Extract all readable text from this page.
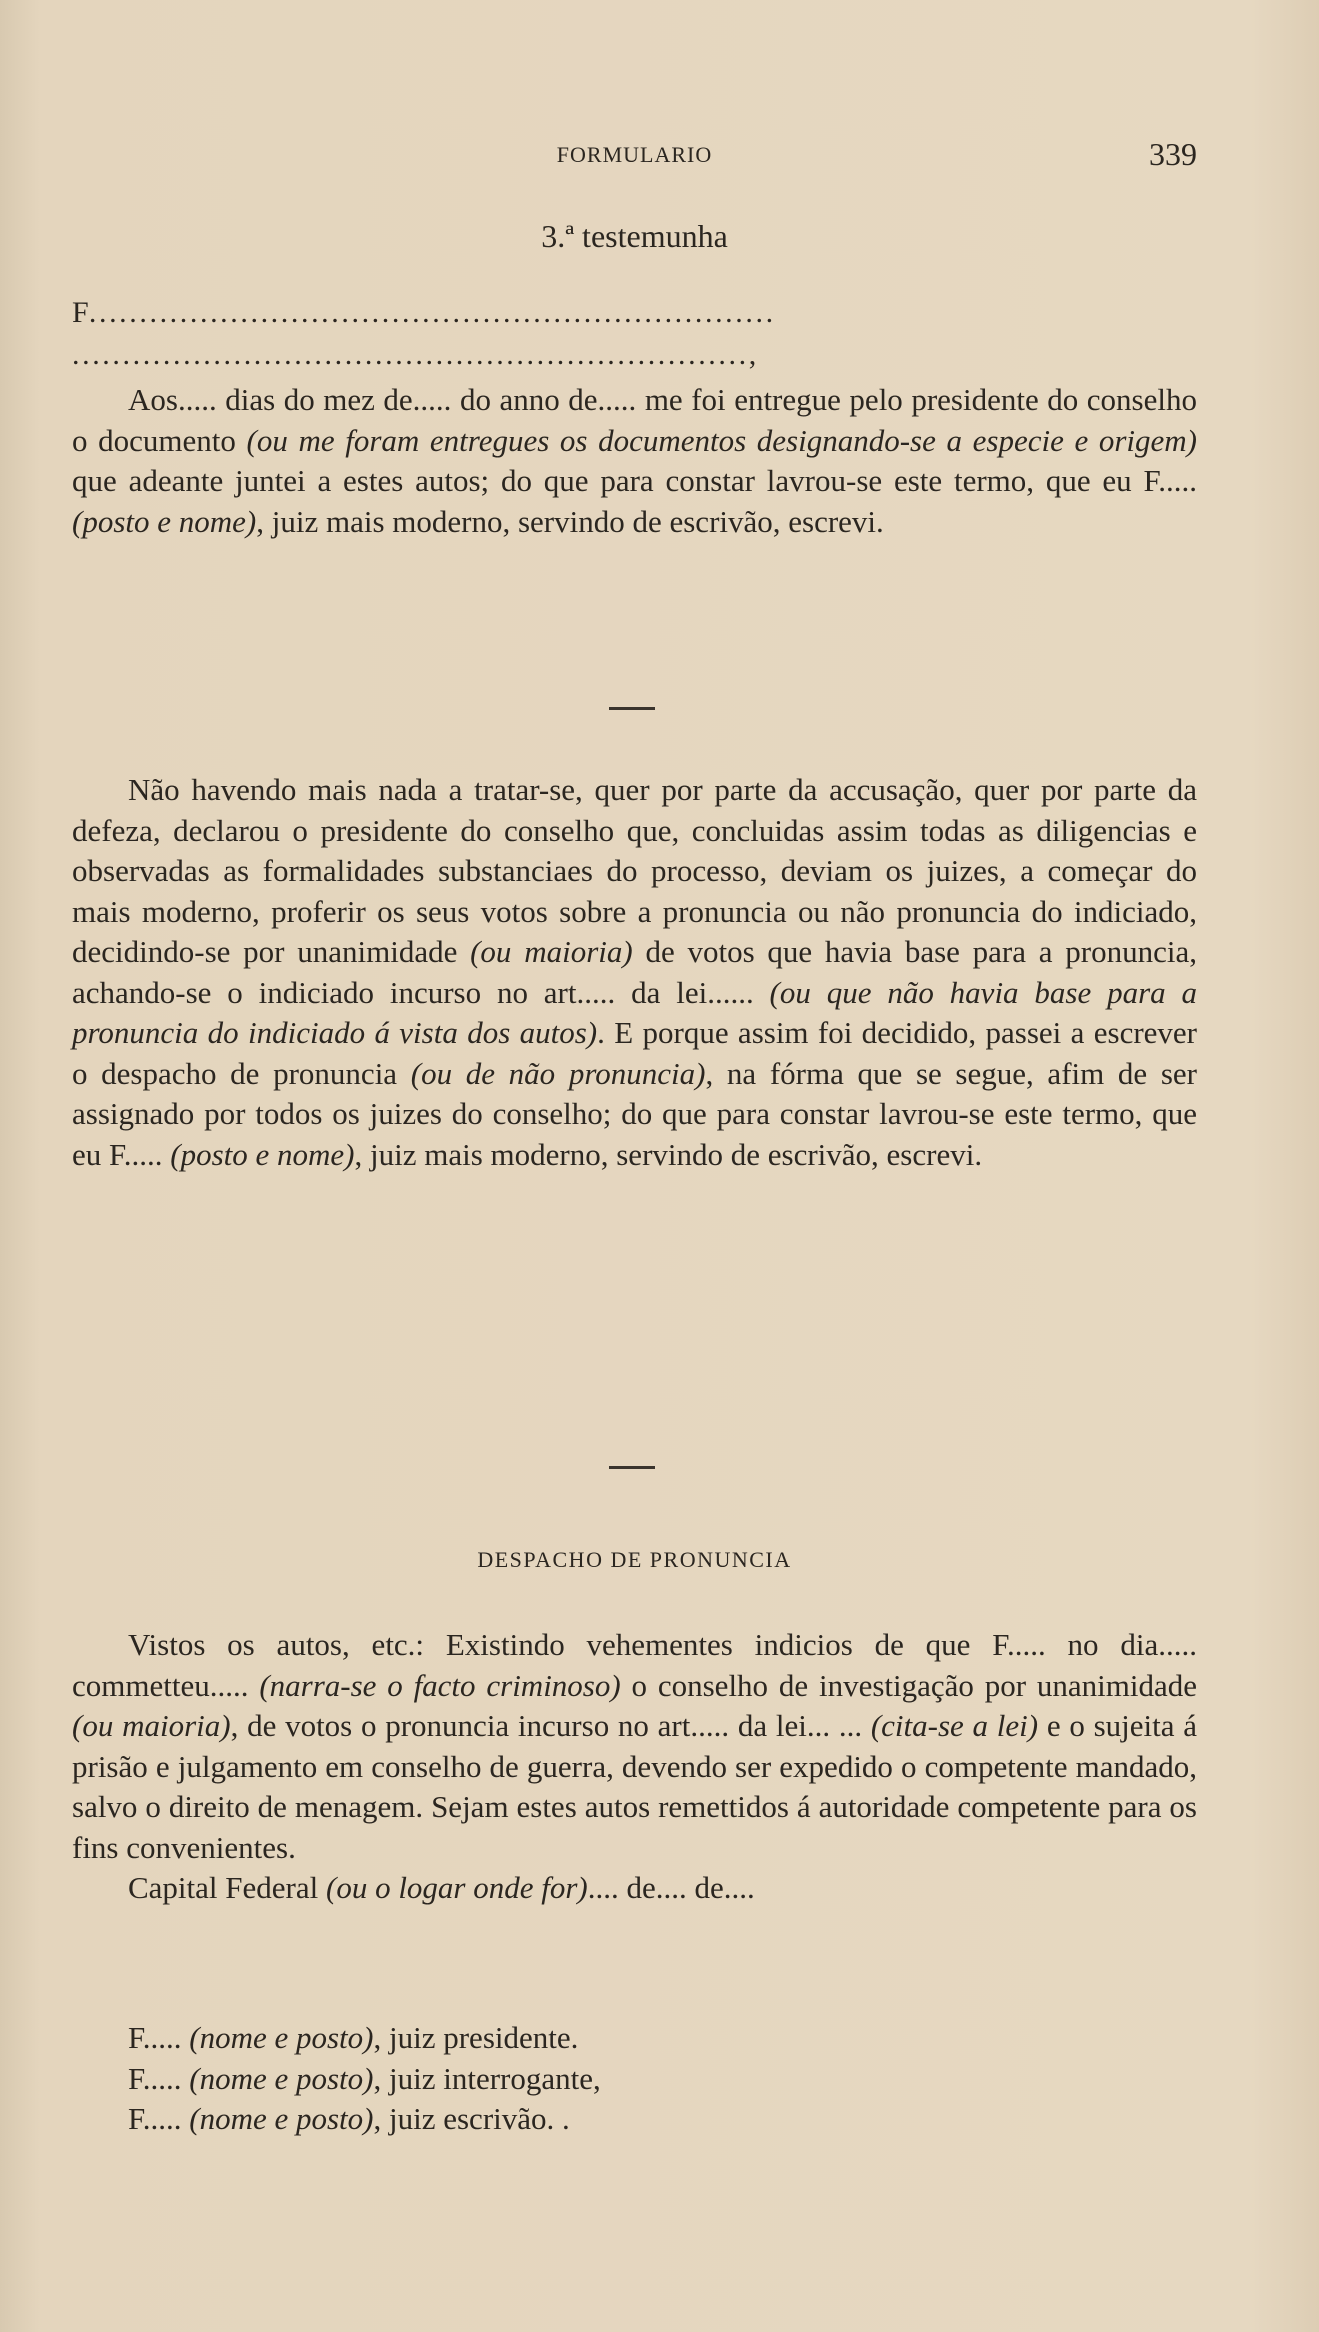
FORMULARIO	339
3.ª testemunha
F....................................................................
...................................................................,

Aos..... dias do mez de..... do anno de..... me foi entregue pelo presidente do conselho o documento (ou me foram entregues os documentos designando-se a especie e origem) que adeante juntei a estes autos; do que para constar lavrou-se este termo, que eu F..... (posto e nome), juiz mais moderno, servindo de escrivão, escrevi.

Não havendo mais nada a tratar-se, quer por parte da accusação, quer por parte da defeza, declarou o presidente do conselho que, concluidas assim todas as diligencias e observadas as formalidades substanciaes do processo, deviam os juizes, a começar do mais moderno, proferir os seus votos sobre a pronuncia ou não pronuncia do indiciado, decidindo-se por unanimidade (ou maioria) de votos que havia base para a pronuncia, achando-se o indiciado incurso no art..... da lei...... (ou que não havia base para a pronuncia do indiciado á vista dos autos). E porque assim foi decidido, passei a escrever o despacho de pronuncia (ou de não pronuncia), na fórma que se segue, afim de ser assignado por todos os juizes do conselho; do que para constar lavrou-se este termo, que eu F..... (posto e nome), juiz mais moderno, servindo de escrivão, escrevi.

DESPACHO DE PRONUNCIA

Vistos os autos, etc.: Existindo vehementes indicios de que F..... no dia..... commetteu..... (narra-se o facto criminoso) o conselho de investigação por unanimidade (ou maioria), de votos o pronuncia incurso no art..... da lei... ... (cita-se a lei) e o sujeita á prisão e julgamento em conselho de guerra, devendo ser expedido o competente mandado, salvo o direito de menagem. Sejam estes autos remettidos á autoridade competente para os fins convenientes.

Capital Federal (ou o logar onde for).... de.... de....

F..... (nome e posto), juiz presidente.
F..... (nome e posto), juiz interrogante,
F..... (nome e posto), juiz escrivão. .
